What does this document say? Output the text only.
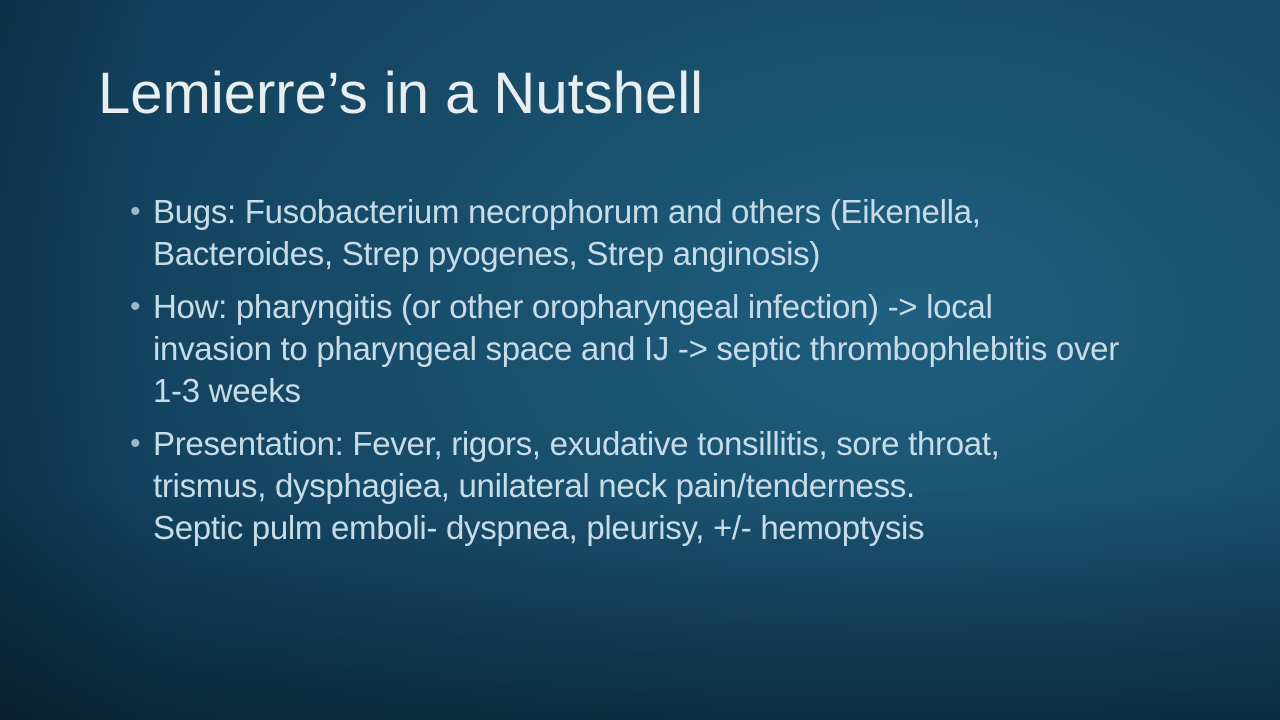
Lemierre’s in a Nutshell
• Bugs: Fusobacterium necrophorum and others (Eikenella,
Bacteroides, Strep pyogenes, Strep anginosis)
• How: pharyngitis (or other oropharyngeal infection) -> local
invasion to pharyngeal space and IJ -> septic thrombophlebitis over
1-3 weeks
• Presentation: Fever, rigors, exudative tonsillitis, sore throat,
trismus, dysphagiea, unilateral neck pain/tenderness.
Septic pulm emboli- dyspnea, pleurisy, +/- hemoptysis
